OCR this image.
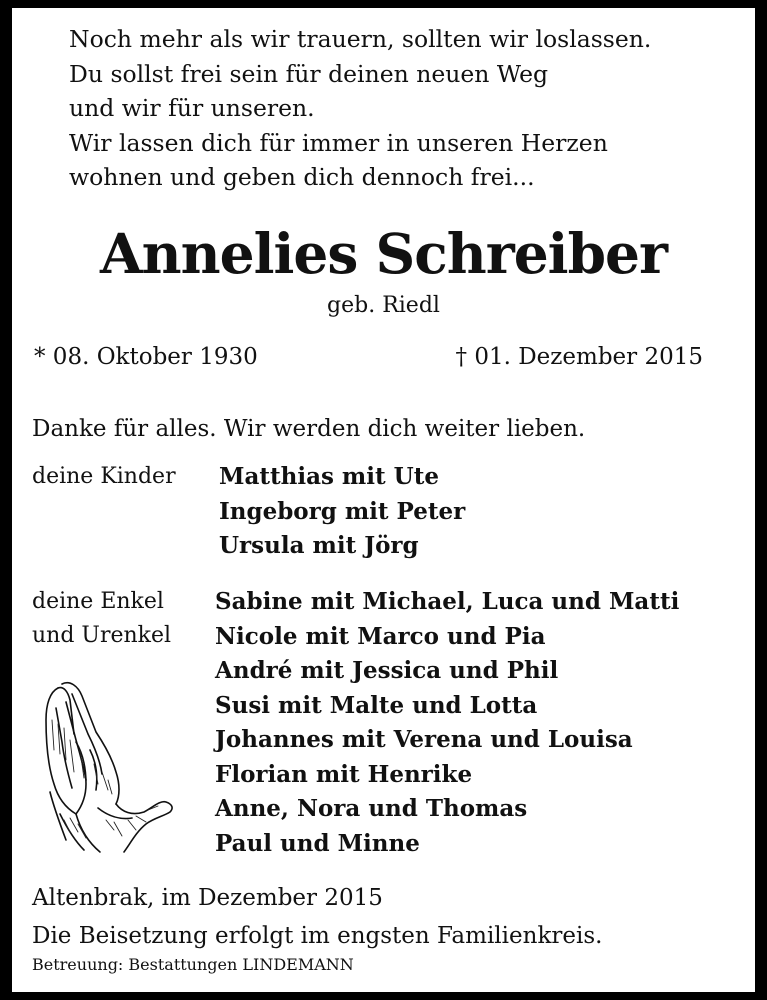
Noch mehr als wir trauern, sollten wir loslassen.
Du sollst frei sein für deinen neuen Weg
und wir für unseren.
Wir lassen dich für immer in unseren Herzen
wohnen und geben dich dennoch frei...
Annelies Schreiber
geb. Riedl
* 08. Oktober 1930	† 01. Dezember 2015
Danke für alles. Wir werden dich weiter lieben.
deine Kinder Matthias mit Ute
Ingeborg mit Peter
Ursula mit Jörg
deine Enkel
und Urenkel
Sabine mit Michael, Luca und Matti
Nicole mit Marco und Pia
André mit Jessica und Phil
Susi mit Malte und Lotta
Johannes mit Verena und Louisa
Florian mit Henrike
Anne, Nora und Thomas
Paul und Minne
Altenbrak, im Dezember 2015
Die Beisetzung erfolgt im engsten Familienkreis.
Betreuung: Bestattungen LINDEMANN
